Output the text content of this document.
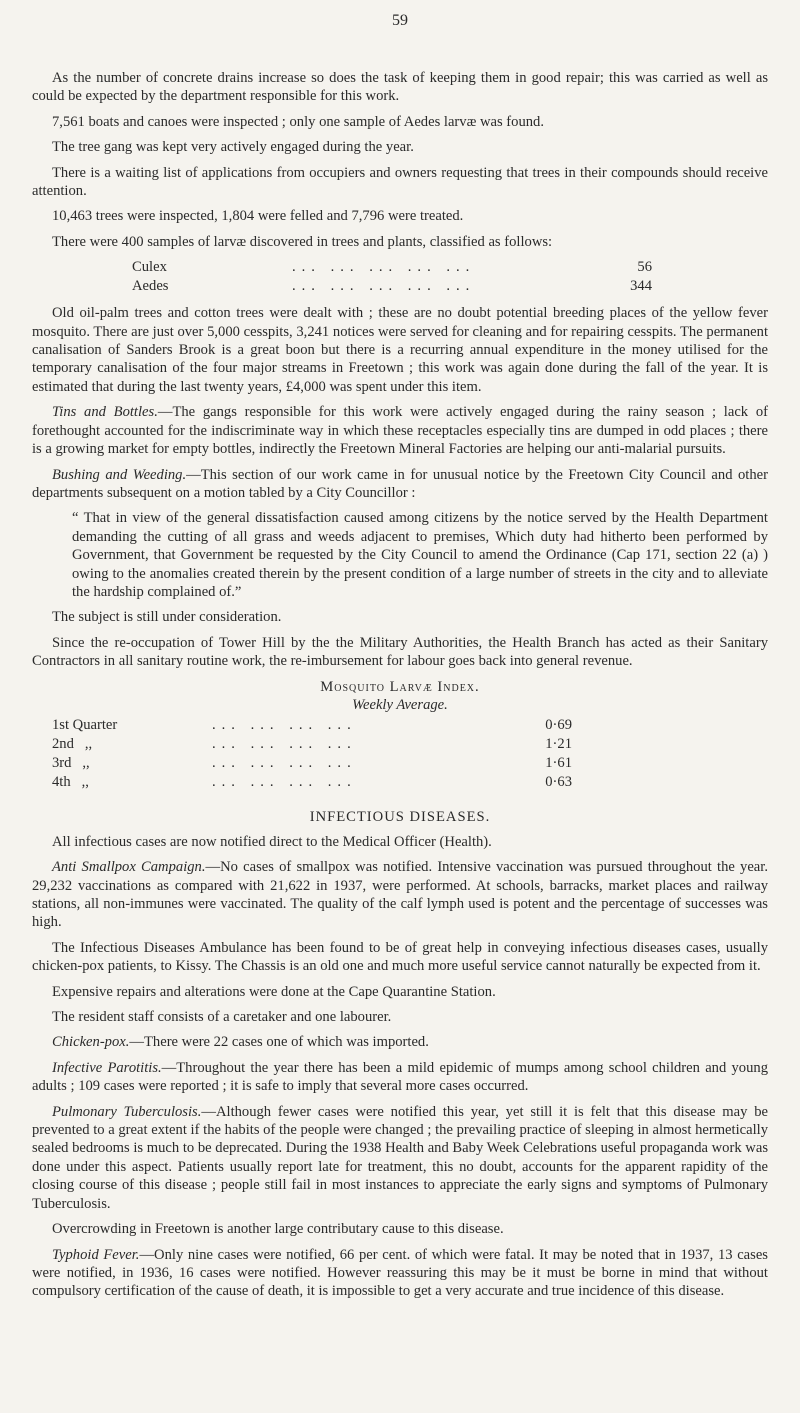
59

As the number of concrete drains increase so does the task of keeping them in good repair; this was carried as well as could be expected by the department responsible for this work.

7,561 boats and canoes were inspected ; only one sample of Aedes larvæ was found.

The tree gang was kept very actively engaged during the year.

There is a waiting list of applications from occupiers and owners requesting that trees in their compounds should receive attention.

10,463 trees were inspected, 1,804 were felled and 7,796 were treated.

There were 400 samples of larvæ discovered in trees and plants, classified as follows:

Culex	... ... ... ... ...	56
Aedes	... ... ... ... ...	344

Old oil-palm trees and cotton trees were dealt with ; these are no doubt potential breeding places of the yellow fever mosquito. There are just over 5,000 cesspits, 3,241 notices were served for cleaning and for repairing cesspits. The permanent canalisation of Sanders Brook is a great boon but there is a recurring annual expenditure in the money utilised for the temporary canalisation of the four major streams in Freetown ; this work was again done during the fall of the year. It is estimated that during the last twenty years, £4,000 was spent under this item.

Tins and Bottles.—The gangs responsible for this work were actively engaged during the rainy season ; lack of forethought accounted for the indiscriminate way in which these receptacles especially tins are dumped in odd places ; there is a growing market for empty bottles, indirectly the Freetown Mineral Factories are helping our anti-malarial pursuits.

Bushing and Weeding.—This section of our work came in for unusual notice by the Freetown City Council and other departments subsequent on a motion tabled by a City Councillor :

“ That in view of the general dissatisfaction caused among citizens by the notice served by the Health Department demanding the cutting of all grass and weeds adjacent to premises, Which duty had hitherto been performed by Government, that Government be requested by the City Council to amend the Ordinance (Cap 171, section 22 (a) ) owing to the anomalies created therein by the present condition of a large number of streets in the city and to alleviate the hardship complained of.”

The subject is still under consideration.

Since the re-occupation of Tower Hill by the the Military Authorities, the Health Branch has acted as their Sanitary Contractors in all sanitary routine work, the re-imbursement for labour goes back into general revenue.

Mosquito Larvæ Index.
Weekly Average.
1st Quarter	... ... ... ...	0·69
2nd   ,,	... ... ... ...	1·21
3rd   ,,	... ... ... ...	1·61
4th   ,,	... ... ... ...	0·63
INFECTIOUS DISEASES.

All infectious cases are now notified direct to the Medical Officer (Health).

Anti Smallpox Campaign.—No cases of smallpox was notified. Intensive vaccination was pursued throughout the year. 29,232 vaccinations as compared with 21,622 in 1937, were performed. At schools, barracks, market places and railway stations, all non-immunes were vaccinated. The quality of the calf lymph used is potent and the percentage of successes was high.

The Infectious Diseases Ambulance has been found to be of great help in conveying infectious diseases cases, usually chicken-pox patients, to Kissy. The Chassis is an old one and much more useful service cannot naturally be expected from it.

Expensive repairs and alterations were done at the Cape Quarantine Station.

The resident staff consists of a caretaker and one labourer.

Chicken-pox.—There were 22 cases one of which was imported.

Infective Parotitis.—Throughout the year there has been a mild epidemic of mumps among school children and young adults ; 109 cases were reported ; it is safe to imply that several more cases occurred.

Pulmonary Tuberculosis.—Although fewer cases were notified this year, yet still it is felt that this disease may be prevented to a great extent if the habits of the people were changed ; the prevailing practice of sleeping in almost hermetically sealed bedrooms is much to be deprecated. During the 1938 Health and Baby Week Celebrations useful propaganda work was done under this aspect. Patients usually report late for treatment, this no doubt, accounts for the apparent rapidity of the closing course of this disease ; people still fail in most instances to appreciate the early signs and symptoms of Pulmonary Tuberculosis.

Overcrowding in Freetown is another large contributary cause to this disease.

Typhoid Fever.—Only nine cases were notified, 66 per cent. of which were fatal. It may be noted that in 1937, 13 cases were notified, in 1936, 16 cases were notified. However reassuring this may be it must be borne in mind that without compulsory certification of the cause of death, it is impossible to get a very accurate and true incidence of this disease.
